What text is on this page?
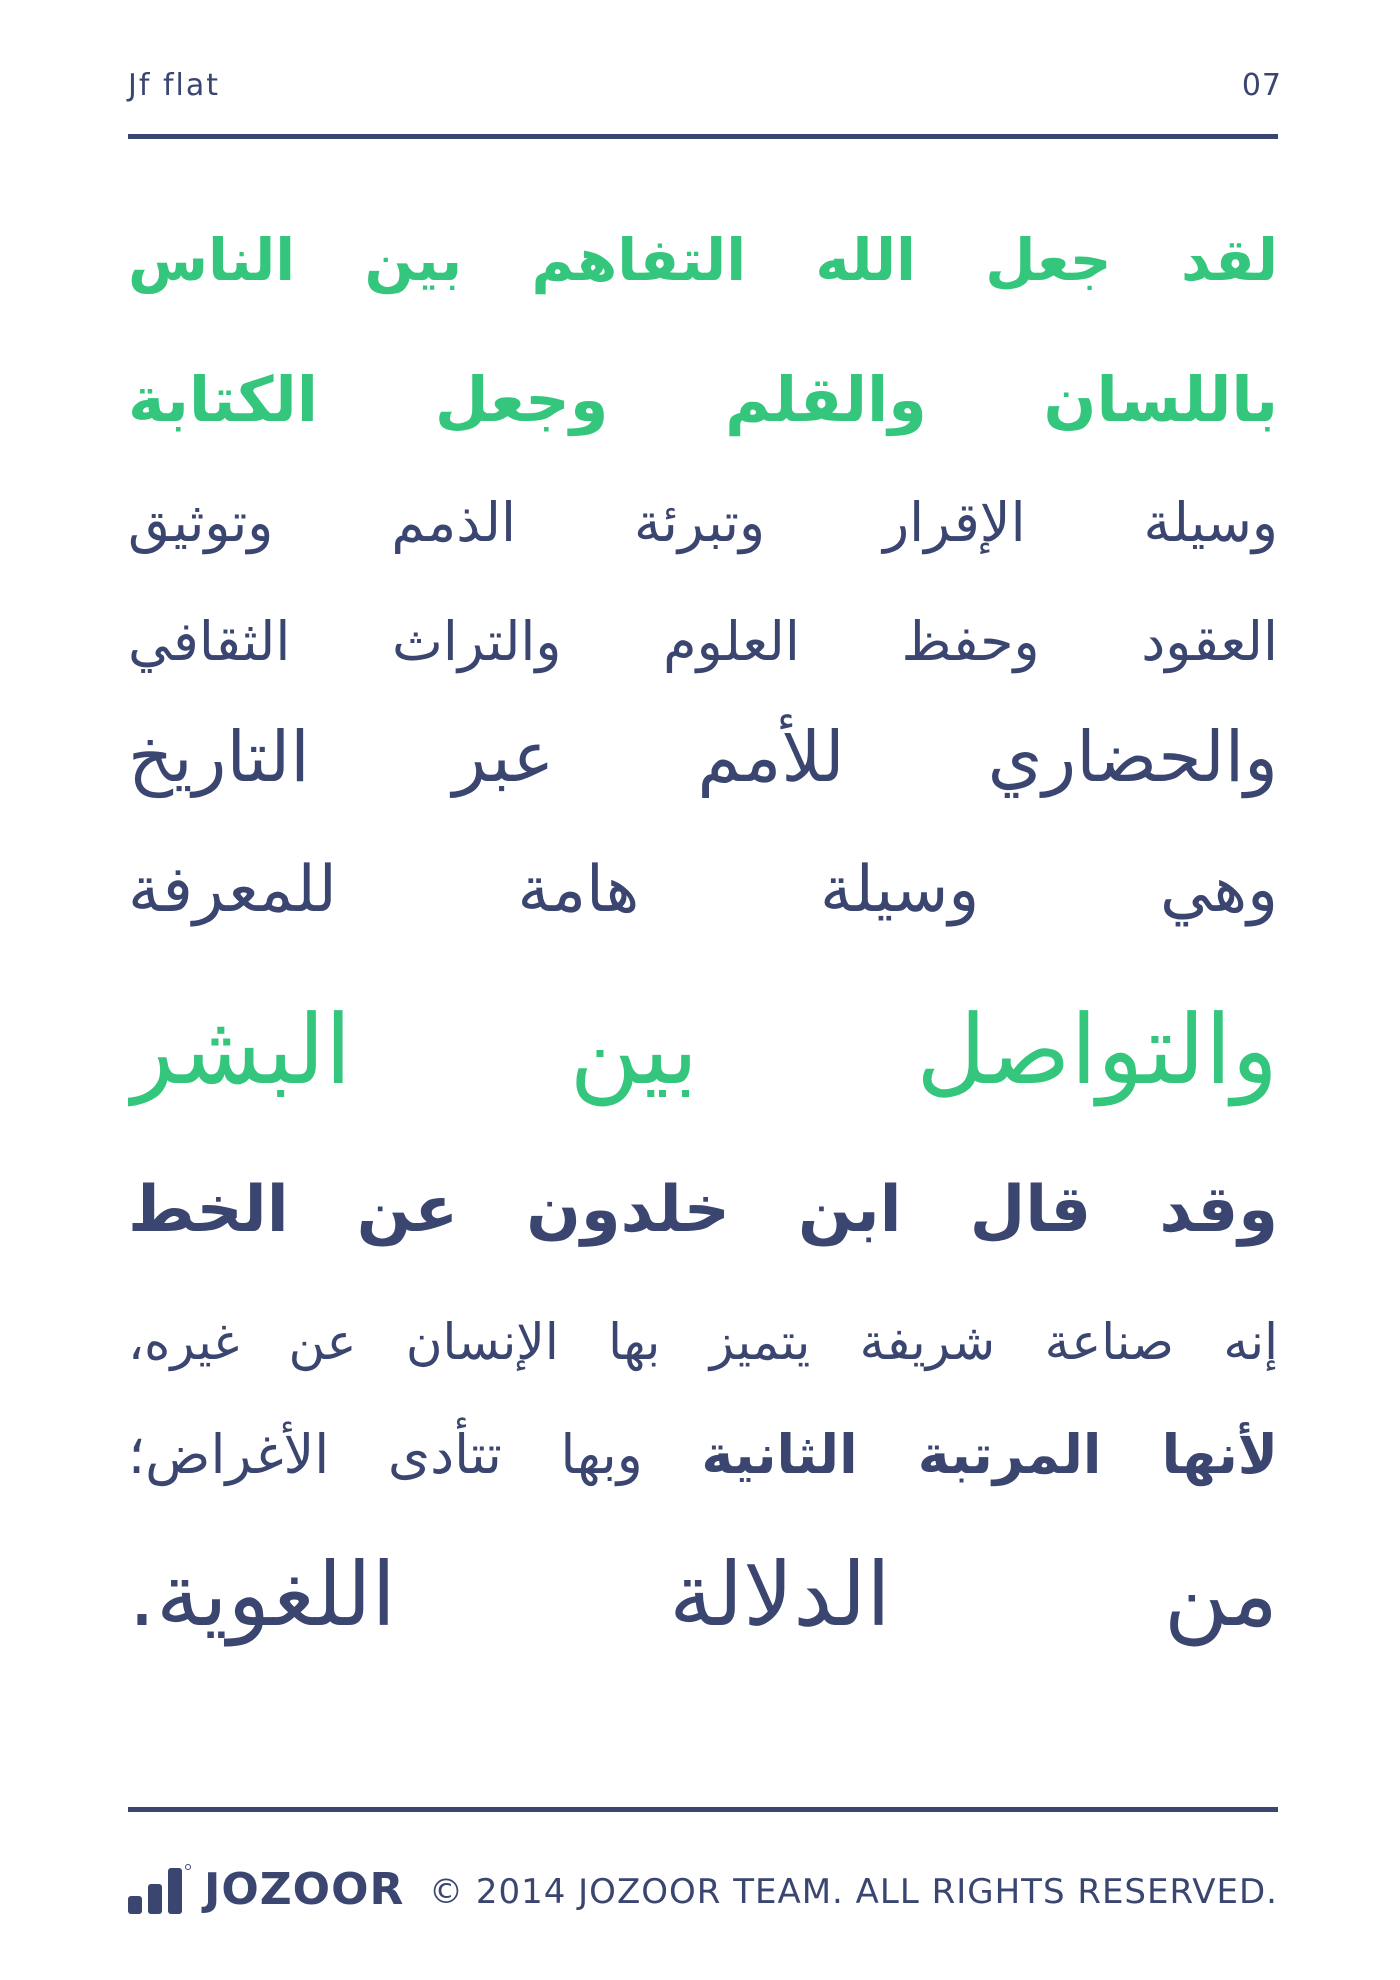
Jf flat	07
لقد جعل الله التفاهم بين الناس
باللسان والقلم وجعل الكتابة
وسيلة الإقرار وتبرئة الذمم وتوثيق
العقود وحفظ العلوم والتراث الثقافي
والحضاري للأمم عبر التاريخ
وهي وسيلة هامة للمعرفة
والتواصل بين البشر
وقد قال ابن خلدون عن الخط
إنه صناعة شريفة يتميز بها الإنسان عن غيره،
لأنها المرتبة الثانية وبها تتأدى الأغراض؛
من الدلالة اللغوية.
JOZOOR © 2014 JOZOOR TEAM. ALL RIGHTS RESERVED.
